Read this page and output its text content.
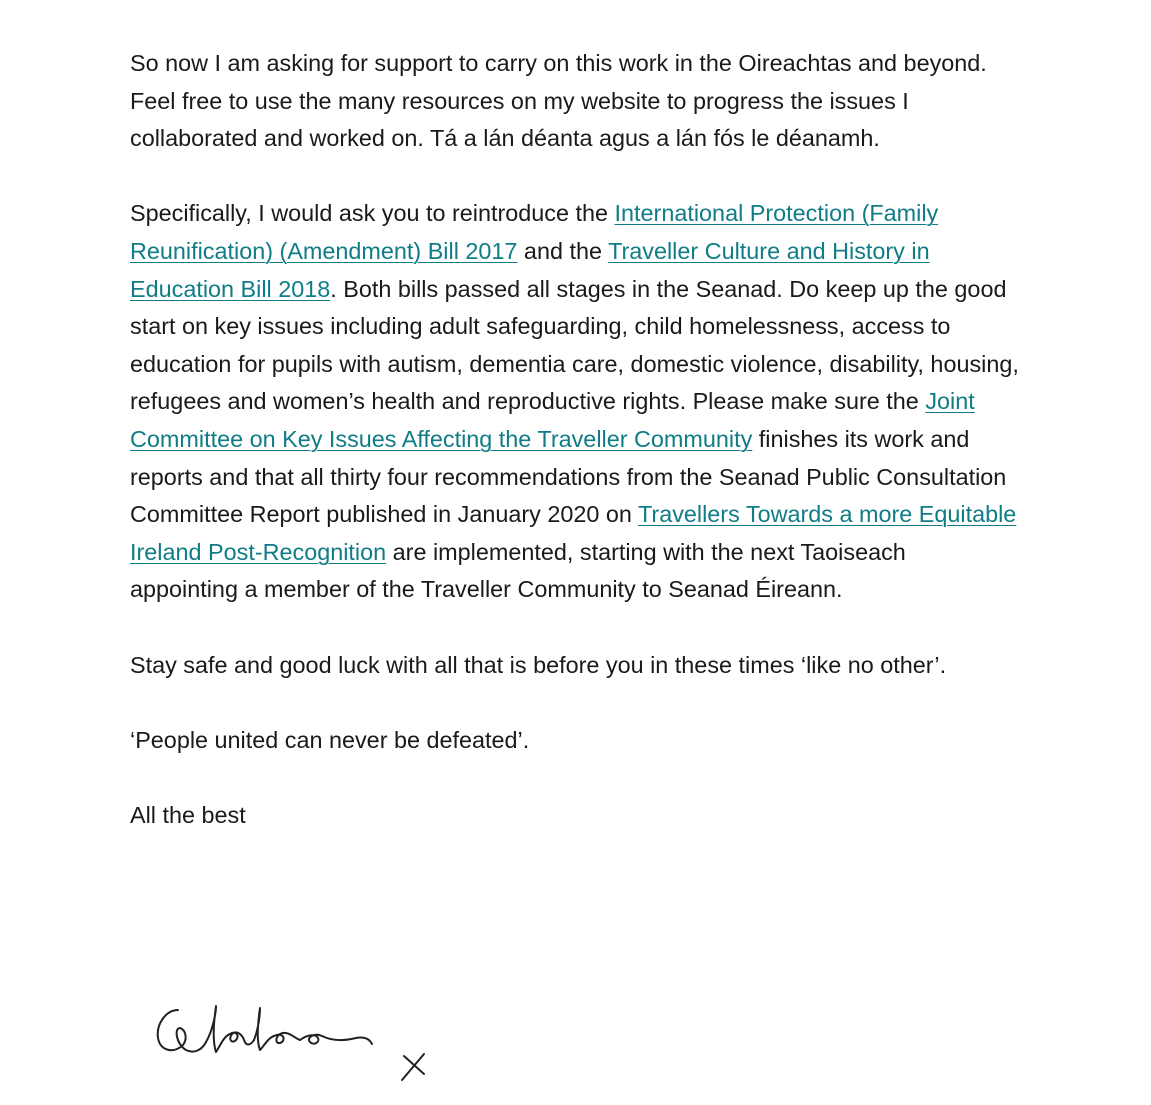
So now I am asking for support to carry on this work in the Oireachtas and beyond.  Feel free to use the many resources on my website to progress the issues I collaborated and worked on. Tá a lán déanta agus a lán fós le déanamh.

Specifically, I would ask you to reintroduce the International Protection (Family Reunification) (Amendment) Bill 2017 and the Traveller Culture and History in Education Bill 2018. Both bills passed all stages in the Seanad. Do keep up the good start on key issues including adult safeguarding, child homelessness, access to education for pupils with autism, dementia care, domestic violence, disability, housing, refugees and women’s health and reproductive rights. Please make sure the Joint Committee on Key Issues Affecting the Traveller Community finishes its work and reports and that all thirty four recommendations from the Seanad Public Consultation Committee Report published in January 2020 on Travellers Towards a more Equitable Ireland Post-Recognition are implemented, starting with the next Taoiseach appointing a member of the Traveller Community to Seanad Éireann.

Stay safe and good luck with all that is before you in these times ‘like no other’.

‘People united can never be defeated’.

All the best
